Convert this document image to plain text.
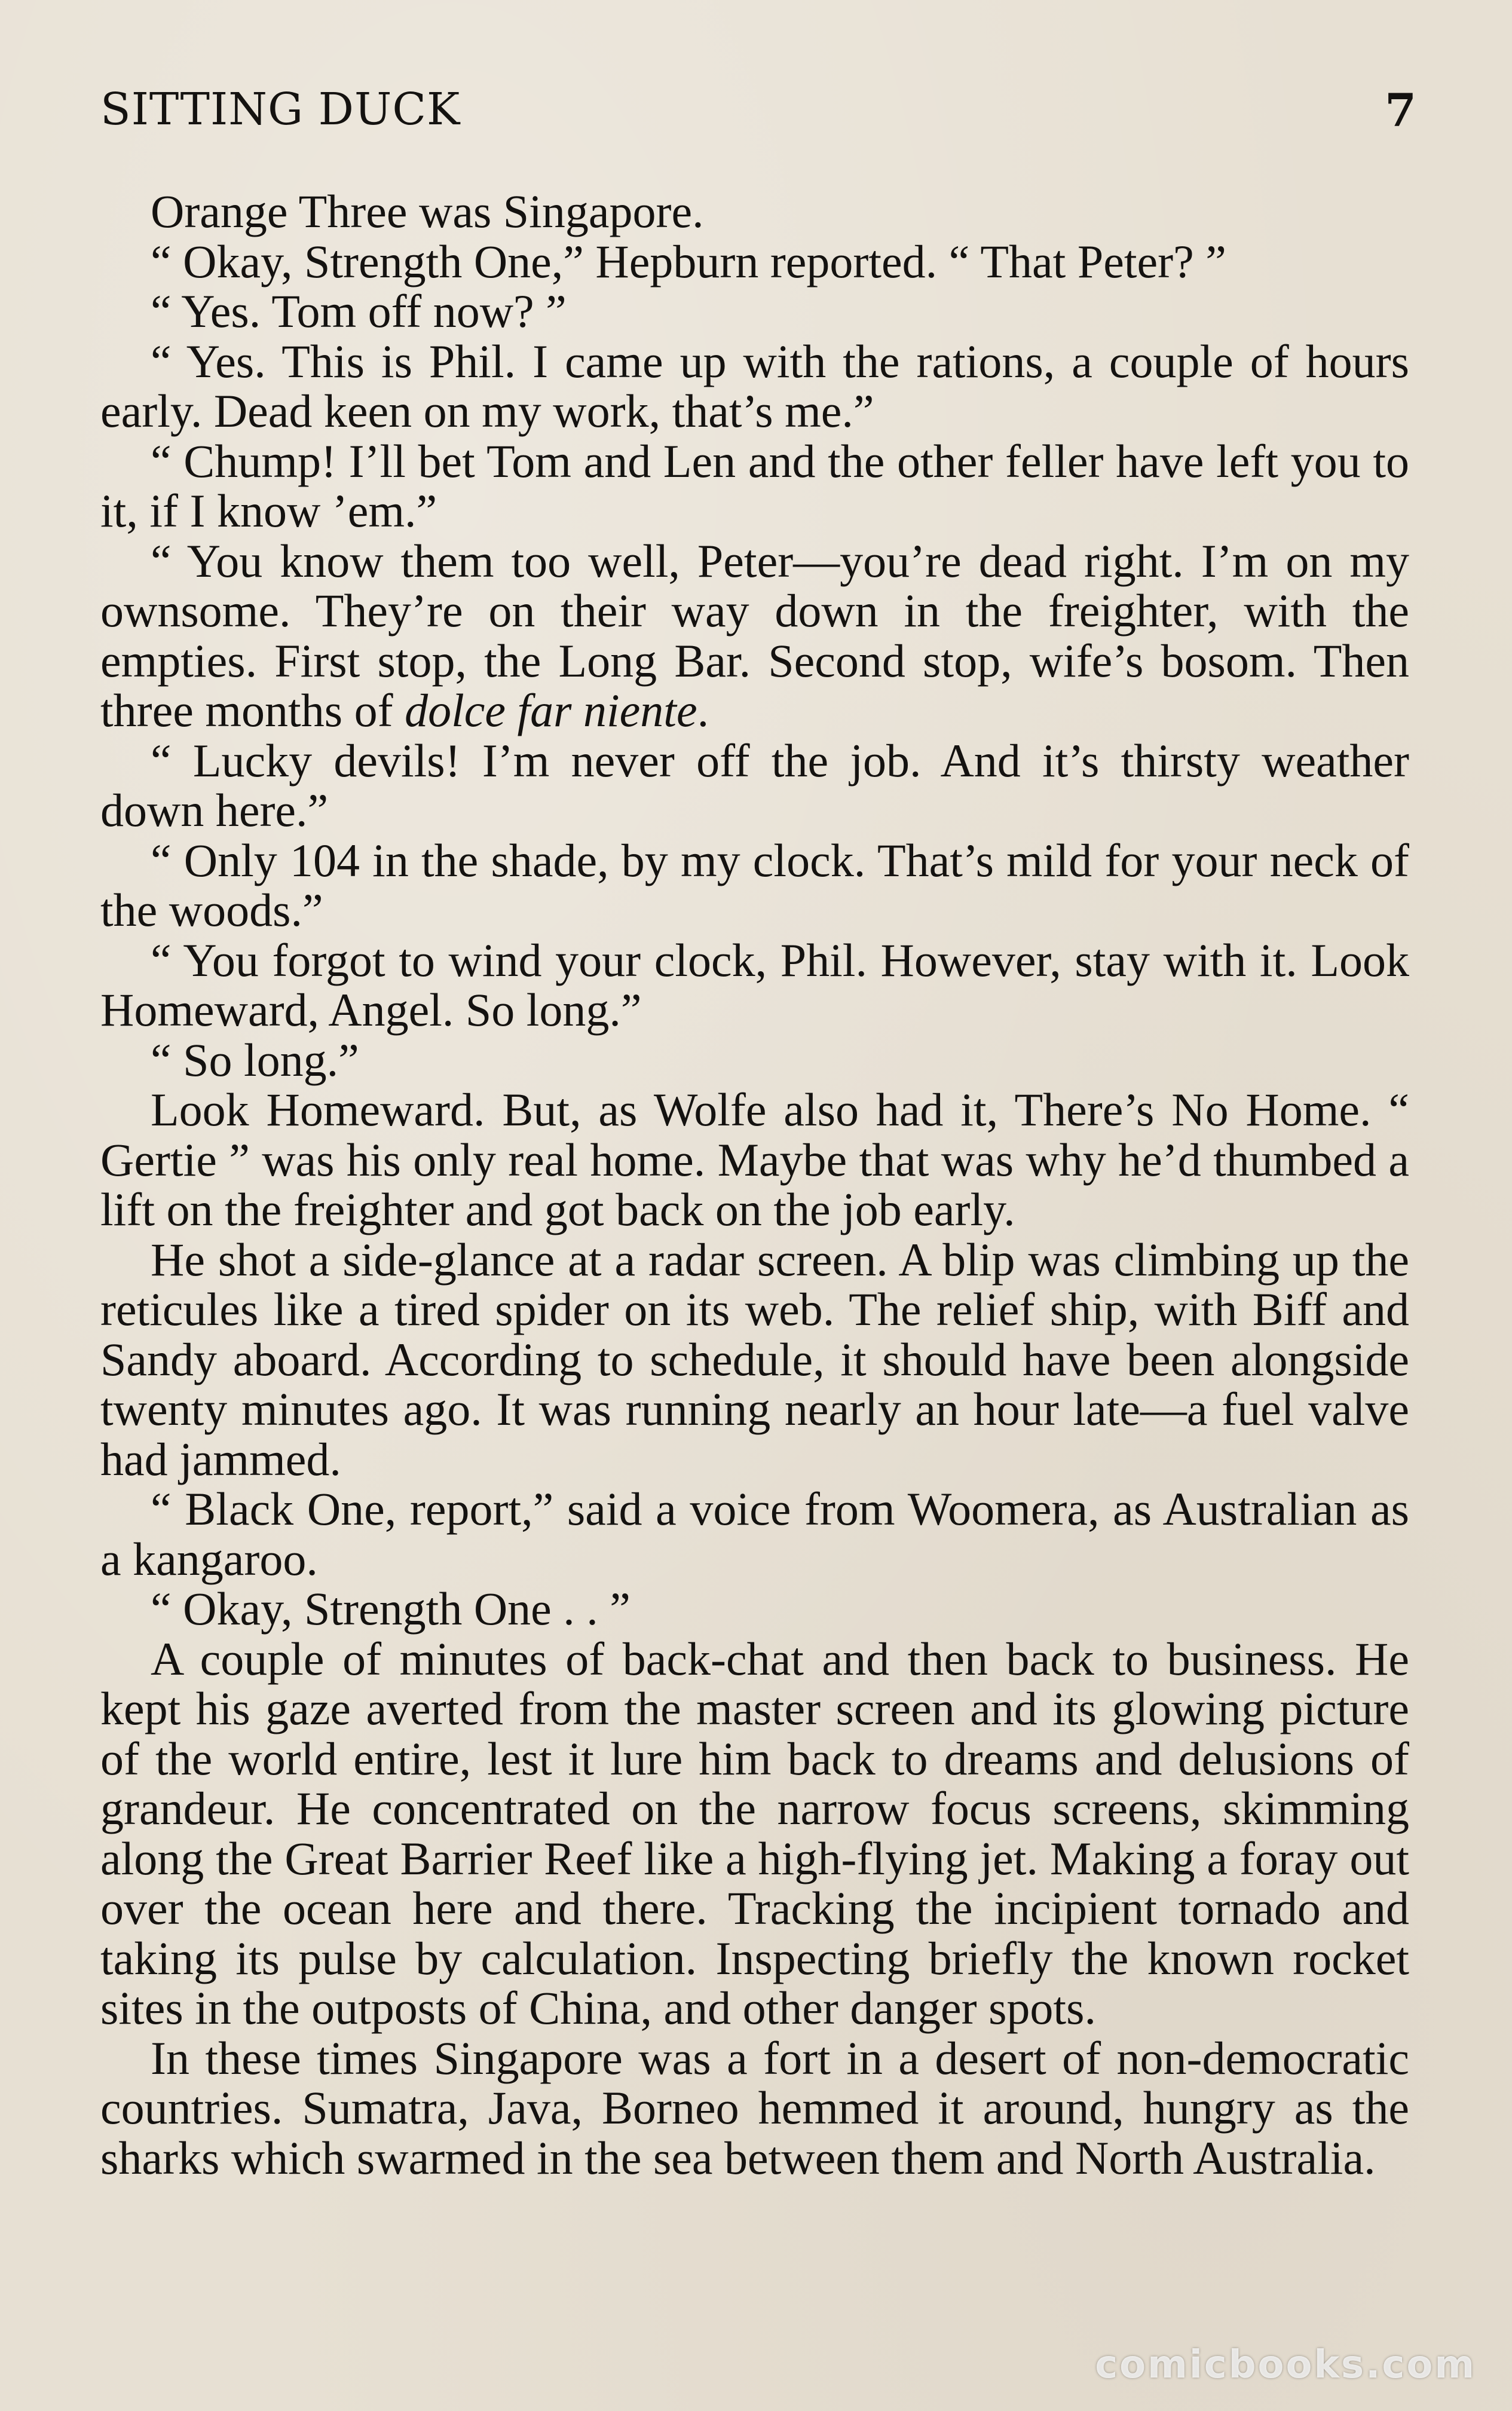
SITTING DUCK	7

Orange Three was Singapore.

“ Okay, Strength One,” Hepburn reported. “ That Peter? ”

“ Yes. Tom off now? ”

“ Yes. This is Phil. I came up with the rations, a couple of hours early. Dead keen on my work, that’s me.”

“ Chump! I’ll bet Tom and Len and the other feller have left you to it, if I know ’em.”

“ You know them too well, Peter—you’re dead right. I’m on my ownsome. They’re on their way down in the freighter, with the empties. First stop, the Long Bar. Second stop, wife’s bosom. Then three months of dolce far niente.

“ Lucky devils! I’m never off the job. And it’s thirsty weather down here.”

“ Only 104 in the shade, by my clock. That’s mild for your neck of the woods.”

“ You forgot to wind your clock, Phil. However, stay with it. Look Homeward, Angel. So long.”

“ So long.”

Look Homeward. But, as Wolfe also had it, There’s No Home. “ Gertie ” was his only real home. Maybe that was why he’d thumbed a lift on the freighter and got back on the job early.

He shot a side-glance at a radar screen. A blip was climbing up the reticules like a tired spider on its web. The relief ship, with Biff and Sandy aboard. According to schedule, it should have been alongside twenty minutes ago. It was running nearly an hour late—a fuel valve had jammed.

“ Black One, report,” said a voice from Woomera, as Australian as a kangaroo.

“ Okay, Strength One . . ”

A couple of minutes of back-chat and then back to business. He kept his gaze averted from the master screen and its glowing picture of the world entire, lest it lure him back to dreams and delusions of grandeur. He concentrated on the narrow focus screens, skimming along the Great Barrier Reef like a high-flying jet. Making a foray out over the ocean here and there. Tracking the incipient tornado and taking its pulse by calculation. Inspecting briefly the known rocket sites in the outposts of China, and other danger spots.

In these times Singapore was a fort in a desert of non-democratic countries. Sumatra, Java, Borneo hemmed it around, hungry as the sharks which swarmed in the sea between them and North Australia.

comicbooks.com
